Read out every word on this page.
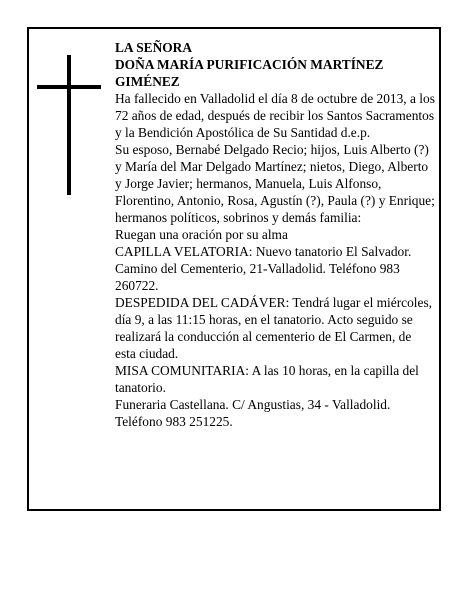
LA SEÑORA

DOÑA MARÍA PURIFICACIÓN MARTÍNEZ GIMÉNEZ

Ha fallecido en Valladolid el día 8 de octubre de 2013, a los 72 años de edad, después de recibir los Santos Sacramentos y la Bendición Apostólica de Su Santidad d.e.p.

Su esposo, Bernabé Delgado Recio; hijos, Luis Alberto (?) y María del Mar Delgado Martínez; nietos, Diego, Alberto y Jorge Javier; hermanos, Manuela, Luis Alfonso, Florentino, Antonio, Rosa, Agustín (?), Paula (?) y Enrique; hermanos políticos, sobrinos y demás familia:

Ruegan una oración por su alma

CAPILLA VELATORIA: Nuevo tanatorio El Salvador. Camino del Cementerio, 21-Valladolid. Teléfono 983 260722.

DESPEDIDA DEL CADÁVER: Tendrá lugar el miércoles, día 9, a las 11:15 horas, en el tanatorio. Acto seguido se realizará la conducción al cementerio de El Carmen, de esta ciudad.

MISA COMUNITARIA: A las 10 horas, en la capilla del tanatorio.

Funeraria Castellana. C/ Angustias, 34 - Valladolid. Teléfono 983 251225.
